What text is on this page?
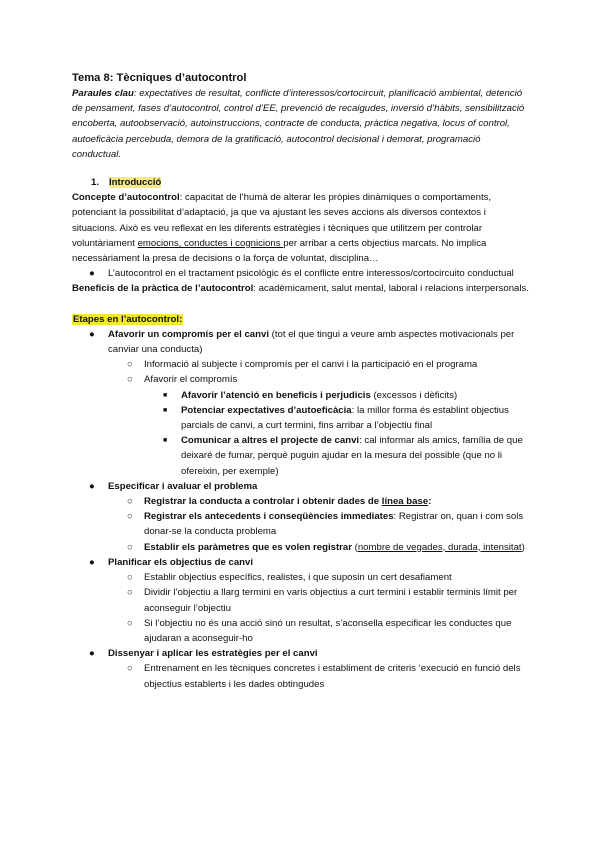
Tema 8: Tècniques d’autocontrol

Paraules clau: expectatives de resultat, conflicte d’interessos/cortocircuit, planificació ambiental, detenció de pensament, fases d’autocontrol, control d’EE, prevenció de recaigudes, inversió d’hàbits, sensibilització encoberta, autoobservació, autoinstruccions, contracte de conducta, pràctica negativa, locus of control, autoeficàcia percebuda, demora de la gratificació, autocontrol decisional i demorat, programació conductual.

1. Introducció

Concepte d’autocontrol: capacitat de l’humà de alterar les pròpies dinàmiques o comportaments, potenciant la possibilitat d’adaptació, ja que va ajustant les seves accions als diversos contextos i situacions. Això es veu reflexat en les diferents estratègies i tècniques que utilitzem per controlar voluntàriament emocions, conductes i cognicions per arribar a certs objectius marcats. No implica necessàriament la presa de decisions o la força de voluntat, disciplina…

● L’autocontrol en el tractament psicològic és el conflicte entre interessos/cortocircuito conductual

Beneficis de la pràctica de l’autocontrol: acadèmicament, salut mental, laboral i relacions interpersonals.

Etapes en l’autocontrol:

● Afavorir un compromís per el canvi (tot el que tingui a veure amb aspectes motivacionals per canviar una conducta)
○ Informació al subjecte i compromís per el canvi i la participació en el programa
○ Afavorir el compromís
■ Afavorir l’atenció en beneficis i perjudicis (excessos i dèficits)
■ Potenciar expectatives d’autoeficàcia: la millor forma és establint objectius parcials de canvi, a curt termini, fins arribar a l’objectiu final
■ Comunicar a altres el projecte de canvi: cal informar als amics, família de que deixaré de fumar, perquè puguin ajudar en la mesura del possible (que no li ofereixin, per exemple)
● Especificar i avaluar el problema
○ Registrar la conducta a controlar i obtenir dades de línea base:
○ Registrar els antecedents i conseqüències immediates: Registrar on, quan i com sols donar-se la conducta problema
○ Establir els paràmetres que es volen registrar (nombre de vegades, durada, intensitat)
● Planificar els objectius de canvi
○ Establir objectius específics, realistes, i que suposin un cert desafiament
○ Dividir l’objectiu a llarg termini en varis objectius a curt termini i establir terminis límit per aconseguir l’objectiu
○ Si l’objectiu no és una acció sinó un resultat, s’aconsella especificar les conductes que ajudaran a aconseguir-ho
● Dissenyar i aplicar les estratègies per el canvi
○ Entrenament en les tècniques concretes i establiment de criteris ‘execució en funció dels objectius establerts i les dades obtingudes
